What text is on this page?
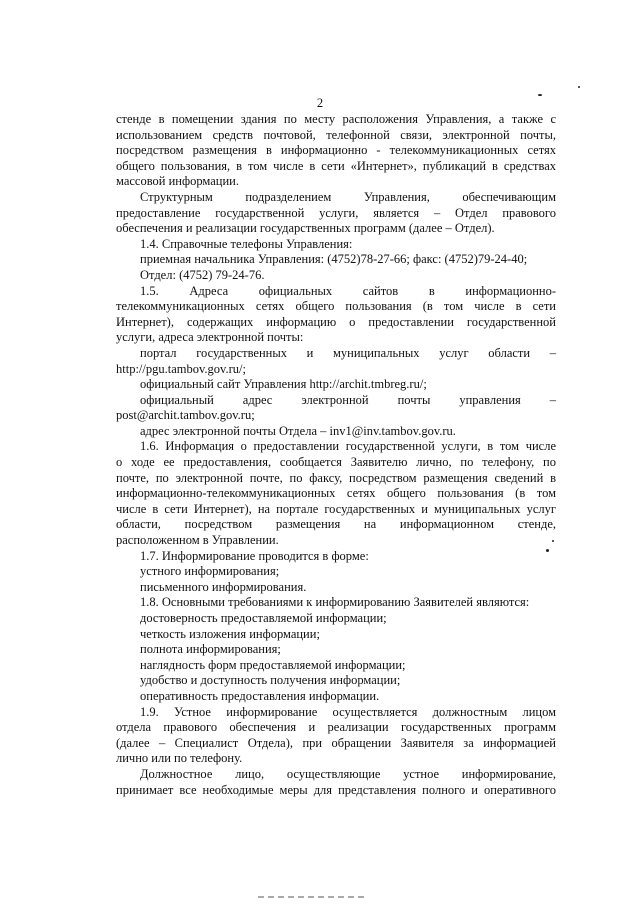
2
стенде в помещении здания по месту расположения Управления, а также с
использованием средств почтовой, телефонной связи, электронной почты,
посредством размещения в информационно - телекоммуникационных сетях
общего пользования, в том числе в сети «Интернет», публикаций в средствах
массовой информации.
Структурным подразделением Управления, обеспечивающим
предоставление государственной услуги, является – Отдел правового
обеспечения и реализации государственных программ (далее – Отдел).
1.4. Справочные телефоны Управления:
приемная начальника Управления: (4752)78-27-66; факс: (4752)79-24-40;
Отдел: (4752) 79-24-76.
1.5. Адреса официальных сайтов в информационно-
телекоммуникационных сетях общего пользования (в том числе в сети
Интернет), содержащих информацию о предоставлении государственной
услуги, адреса электронной почты:
портал государственных и муниципальных услуг области –
http://pgu.tambov.gov.ru/;
официальный сайт Управления http://archit.tmbreg.ru/;
официальный адрес электронной почты управления –
post@archit.tambov.gov.ru;
адрес электронной почты Отдела – inv1@inv.tambov.gov.ru.
1.6. Информация о предоставлении государственной услуги, в том числе
о ходе ее предоставления, сообщается Заявителю лично, по телефону, по
почте, по электронной почте, по факсу, посредством размещения сведений в
информационно-телекоммуникационных сетях общего пользования (в том
числе в сети Интернет), на портале государственных и муниципальных услуг
области, посредством размещения на информационном стенде,
расположенном в Управлении.
1.7. Информирование проводится в форме:
устного информирования;
письменного информирования.
1.8. Основными требованиями к информированию Заявителей являются:
достоверность предоставляемой информации;
четкость изложения информации;
полнота информирования;
наглядность форм предоставляемой информации;
удобство и доступность получения информации;
оперативность предоставления информации.
1.9. Устное информирование осуществляется должностным лицом
отдела правового обеспечения и реализации государственных программ
(далее – Специалист Отдела), при обращении Заявителя за информацией
лично или по телефону.
Должностное лицо, осуществляющие устное информирование,
принимает все необходимые меры для представления полного и оперативного
